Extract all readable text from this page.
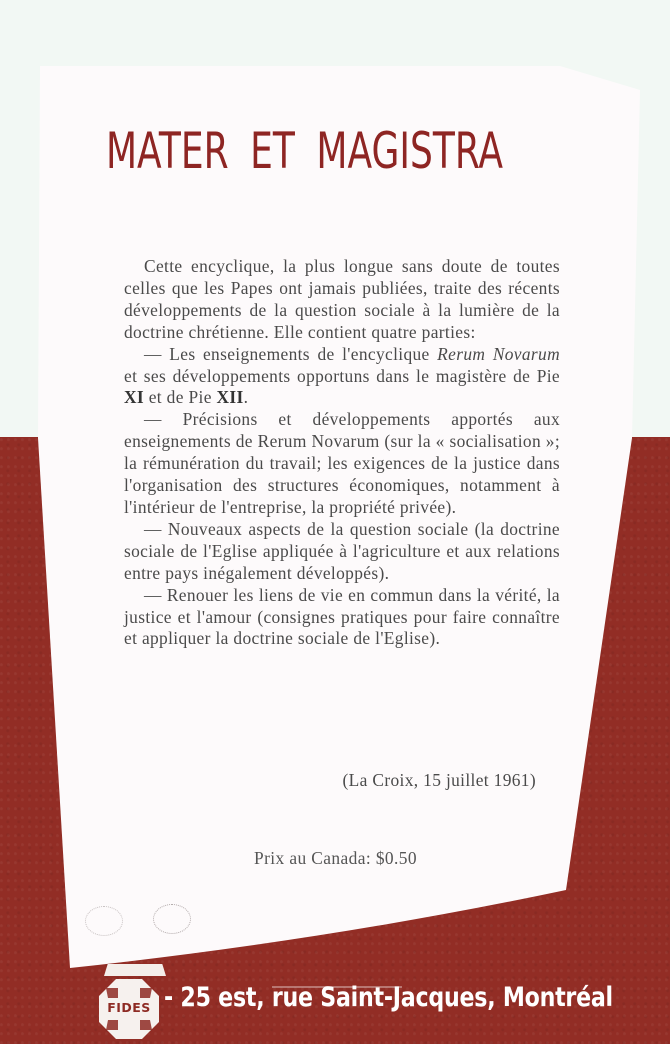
MATER ET MAGISTRA

Cette encyclique, la plus longue sans doute de toutes celles que les Papes ont jamais publiées, traite des récents développements de la question sociale à la lumière de la doctrine chrétienne. Elle contient quatre parties:

— Les enseignements de l'encyclique Rerum Novarum et ses développements opportuns dans le magistère de Pie XI et de Pie XII.

— Précisions et développements apportés aux enseignements de Rerum Novarum (sur la « socialisation »; la rémunération du travail; les exigences de la justice dans l'organisation des structures économiques, notamment à l'intérieur de l'entreprise, la propriété privée).

— Nouveaux aspects de la question sociale (la doctrine sociale de l'Eglise appliquée à l'agriculture et aux relations entre pays inégalement développés).

— Renouer les liens de vie en commun dans la vérité, la justice et l'amour (consignes pratiques pour faire connaître et appliquer la doctrine sociale de l'Eglise).

(La Croix, 15 juillet 1961)
Prix au Canada: $0.50
FIDES - 25 est, rue Saint-Jacques, Montréal
